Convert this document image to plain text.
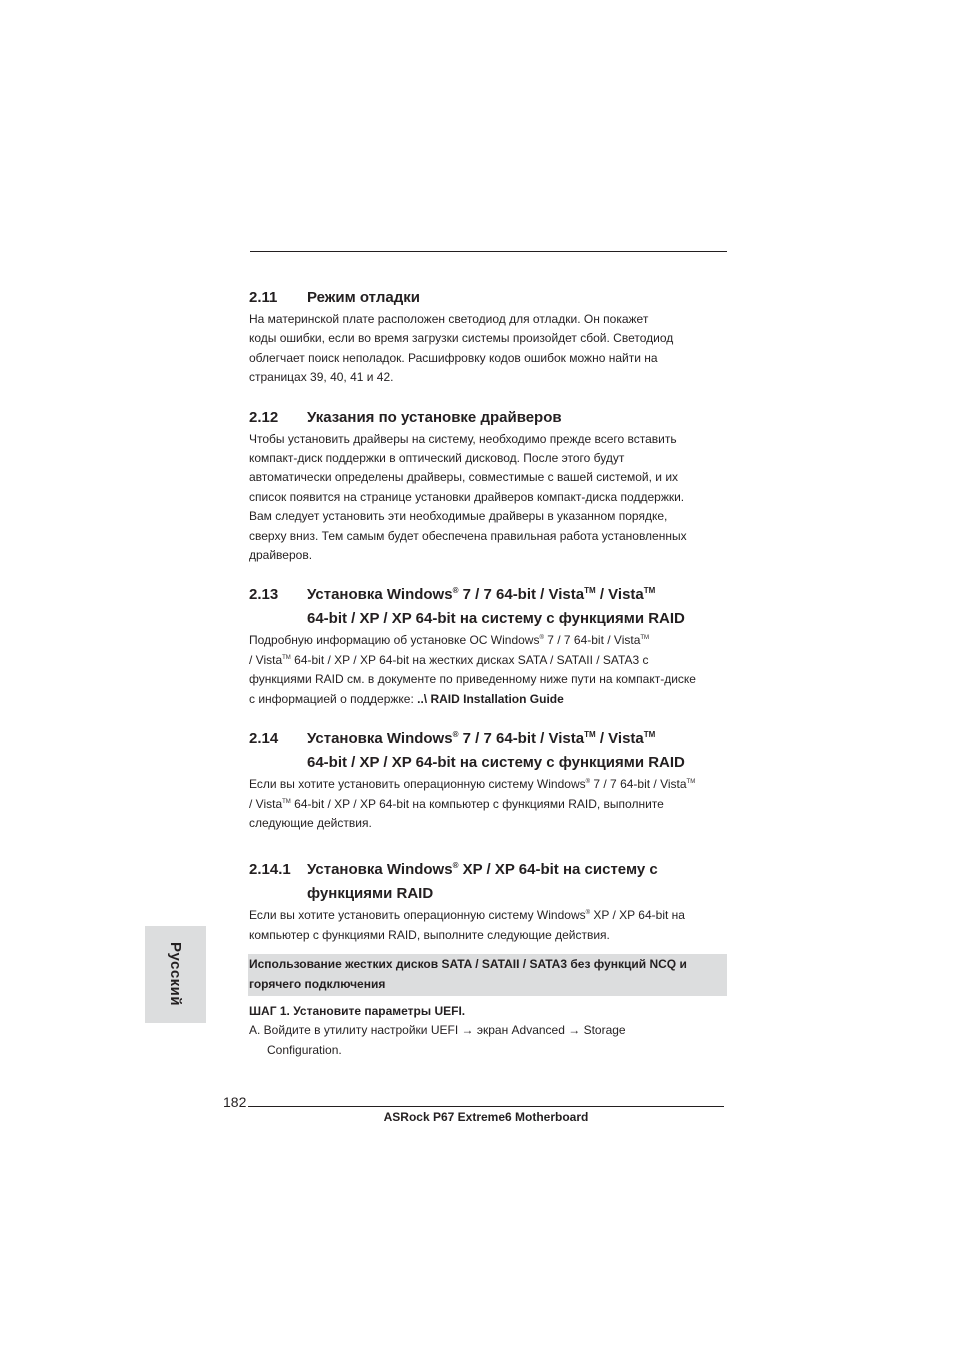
2.11 Режим отладки

На материнской плате расположен светодиод для отладки. Он покажет

коды ошибки, если во время загрузки системы произойдет сбой. Светодиод

облегчает поиск неполадок. Расшифровку кодов ошибок можно найти на

страницах 39, 40, 41 и 42.

2.12 Указания по установке драйверов

Чтобы установить драйверы на систему, необходимо прежде всего вставить

компакт-диск поддержки в оптический дисковод. После этого будут

автоматически определены драйверы, совместимые с вашей системой, и их

список появится на странице установки драйверов компакт-диска поддержки.

Вам следует установить эти необходимые драйверы в указанном порядке,

сверху вниз. Тем самым будет обеспечена правильная работа установленных

драйверов.

2.13 Установка Windows® 7 / 7 64-bit / Vista™ / Vista™
64-bit / XP / XP 64-bit на систему с функциями RAID

Подробную информацию об установке ОС Windows® 7 / 7 64-bit / Vista™

/ Vista™ 64-bit / XP / XP 64-bit на жестких дисках SATA / SATAII / SATA3 с

функциями RAID см. в документе по приведенному ниже пути на компакт-диске

с информацией о поддержке: ..\ RAID Installation Guide

2.14 Установка Windows® 7 / 7 64-bit / Vista™ / Vista™
64-bit / XP / XP 64-bit на систему с функциями RAID

Если вы хотите установить операционную систему Windows® 7 / 7 64-bit / Vista™

/ Vista™ 64-bit / XP / XP 64-bit на компьютер с функциями RAID, выполните

следующие действия.

2.14.1 Установка Windows® XP / XP 64-bit на систему с
функциями RAID

Если вы хотите установить операционную систему Windows® XP / XP 64-bit на

компьютер с функциями RAID, выполните следующие действия.

Использование жестких дисков SATA / SATAII / SATA3 без функций NCQ и
горячего подключения

ШАГ 1. Установите параметры UEFI.

A. Войдите в утилиту настройки UEFI → экран Advanced → Storage

Configuration.

Русский
182
ASRock P67 Extreme6 Motherboard
